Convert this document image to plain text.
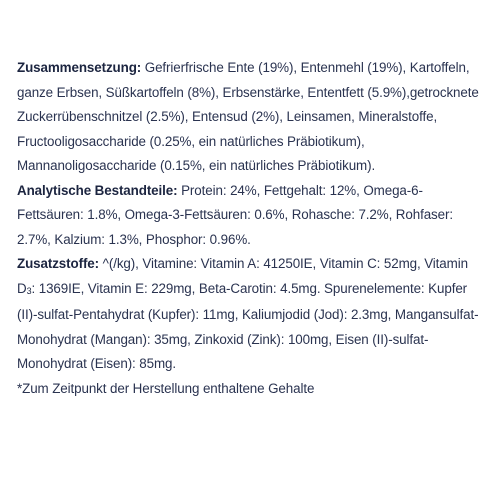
Zusammensetzung: Gefrierfrische Ente (19%), Entenmehl (19%), Kartoffeln, ganze Erbsen, Süßkartoffeln (8%), Erbsenstärke, Ententfett (5.9%),getrocknete Zuckerrübenschnitzel (2.5%), Entensud (2%), Leinsamen, Mineralstoffe, Fructooligosaccharide (0.25%, ein natürliches Präbiotikum), Mannanoligosaccharide (0.15%, ein natürliches Präbiotikum).

Analytische Bestandteile: Protein: 24%, Fettgehalt: 12%, Omega-6-Fettsäuren: 1.8%, Omega-3-Fettsäuren: 0.6%, Rohasche: 7.2%, Rohfaser: 2.7%, Kalzium: 1.3%, Phosphor: 0.96%.

Zusatzstoffe: ^(/kg), Vitamine: Vitamin A: 41250IE, Vitamin C: 52mg, Vitamin $D_3$: 1369IE, Vitamin E: 229mg, Beta-Carotin: 4.5mg. Spurenelemente: Kupfer (II)-sulfat-Pentahydrat (Kupfer): 11mg, Kaliumjodid (Jod): 2.3mg, Mangansulfat-Monohydrat (Mangan): 35mg, Zinkoxid (Zink): 100mg, Eisen (II)-sulfat-Monohydrat (Eisen): 85mg.

*Zum Zeitpunkt der Herstellung enthaltene Gehalte
